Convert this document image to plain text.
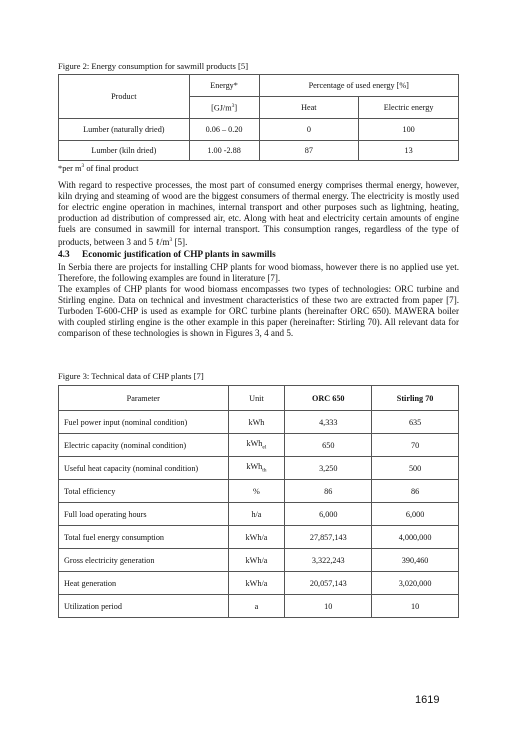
Figure 2: Energy consumption for sawmill products [5]
Product	Energy*	Percentage of used energy [%]	
	$[GJ/m^3]$	Heat	Electric energy
Lumber (naturally dried)	0.06 – 0.20	0	100
Lumber (kiln dried)	1.00 -2.88	87	13
*per $m^3$ of final product

With regard to respective processes, the most part of consumed energy comprises thermal energy, however, kiln drying and steaming of wood are the biggest consumers of thermal energy. The electricity is mostly used for electric engine operation in machines, internal transport and other purposes such as lightning, heating, production ad distribution of compressed air, etc. Along with heat and electricity certain amounts of engine fuels are consumed in sawmill for internal transport. This consumption ranges, regardless of the type of products, between 3 and 5 $\ell/m^3$ [5].

4.3 Economic justification of CHP plants in sawmills

In Serbia there are projects for installing CHP plants for wood biomass, however there is no applied use yet. Therefore, the following examples are found in literature [7].

The examples of CHP plants for wood biomass encompasses two types of technologies: ORC turbine and Stirling engine. Data on technical and investment characteristics of these two are extracted from paper [7]. Turboden T-600-CHP is used as example for ORC turbine plants (hereinafter ORC 650). MAWERA boiler with coupled stirling engine is the other example in this paper (hereinafter: Stirling 70). All relevant data for comparison of these technologies is shown in Figures 3, 4 and 5.

Figure 3: Technical data of CHP plants [7]
Parameter	Unit	ORC 650	Stirling 70
Fuel power input (nominal condition)	kWh	4,333	635
Electric capacity (nominal condition)	kWh$_{el}$	650	70
Useful heat capacity (nominal condition)	kWh$_{th}$	3,250	500
Total efficiency	%	86	86
Full load operating hours	h/a	6,000	6,000
Total fuel energy consumption	kWh/a	27,857,143	4,000,000
Gross electricity generation	kWh/a	3,322,243	390,460
Heat generation	kWh/a	20,057,143	3,020,000
Utilization period	a	10	10
1619
